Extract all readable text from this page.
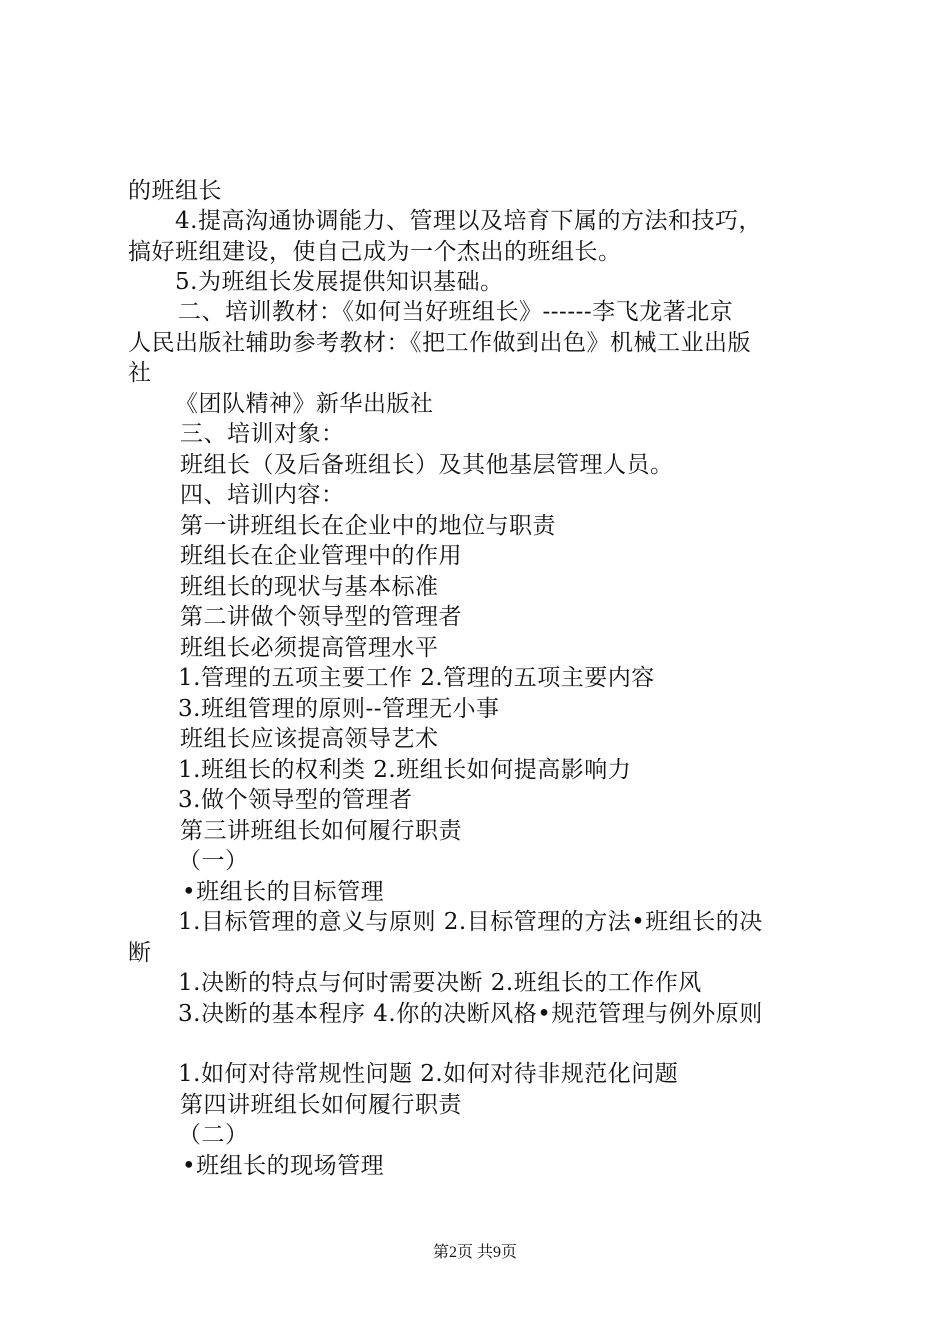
的班组长
4.提高沟通协调能力、管理以及培育下属的方法和技巧，
搞好班组建设，使自己成为一个杰出的班组长。
5.为班组长发展提供知识基础。
二、培训教材：《如何当好班组长》------李飞龙著北京
人民出版社辅助参考教材：《把工作做到出色》机械工业出版
社
《团队精神》新华出版社
三、培训对象：
班组长（及后备班组长）及其他基层管理人员。
四、培训内容：
第一讲班组长在企业中的地位与职责
班组长在企业管理中的作用
班组长的现状与基本标准
第二讲做个领导型的管理者
班组长必须提高管理水平
1.管理的五项主要工作 2.管理的五项主要内容
3.班组管理的原则--管理无小事
班组长应该提高领导艺术
1.班组长的权利类 2.班组长如何提高影响力
3.做个领导型的管理者
第三讲班组长如何履行职责
（一）
•班组长的目标管理
1.目标管理的意义与原则 2.目标管理的方法•班组长的决
断
1.决断的特点与何时需要决断 2.班组长的工作作风
3.决断的基本程序 4.你的决断风格•规范管理与例外原则
1.如何对待常规性问题 2.如何对待非规范化问题
第四讲班组长如何履行职责
（二）
•班组长的现场管理
第2页 共9页
